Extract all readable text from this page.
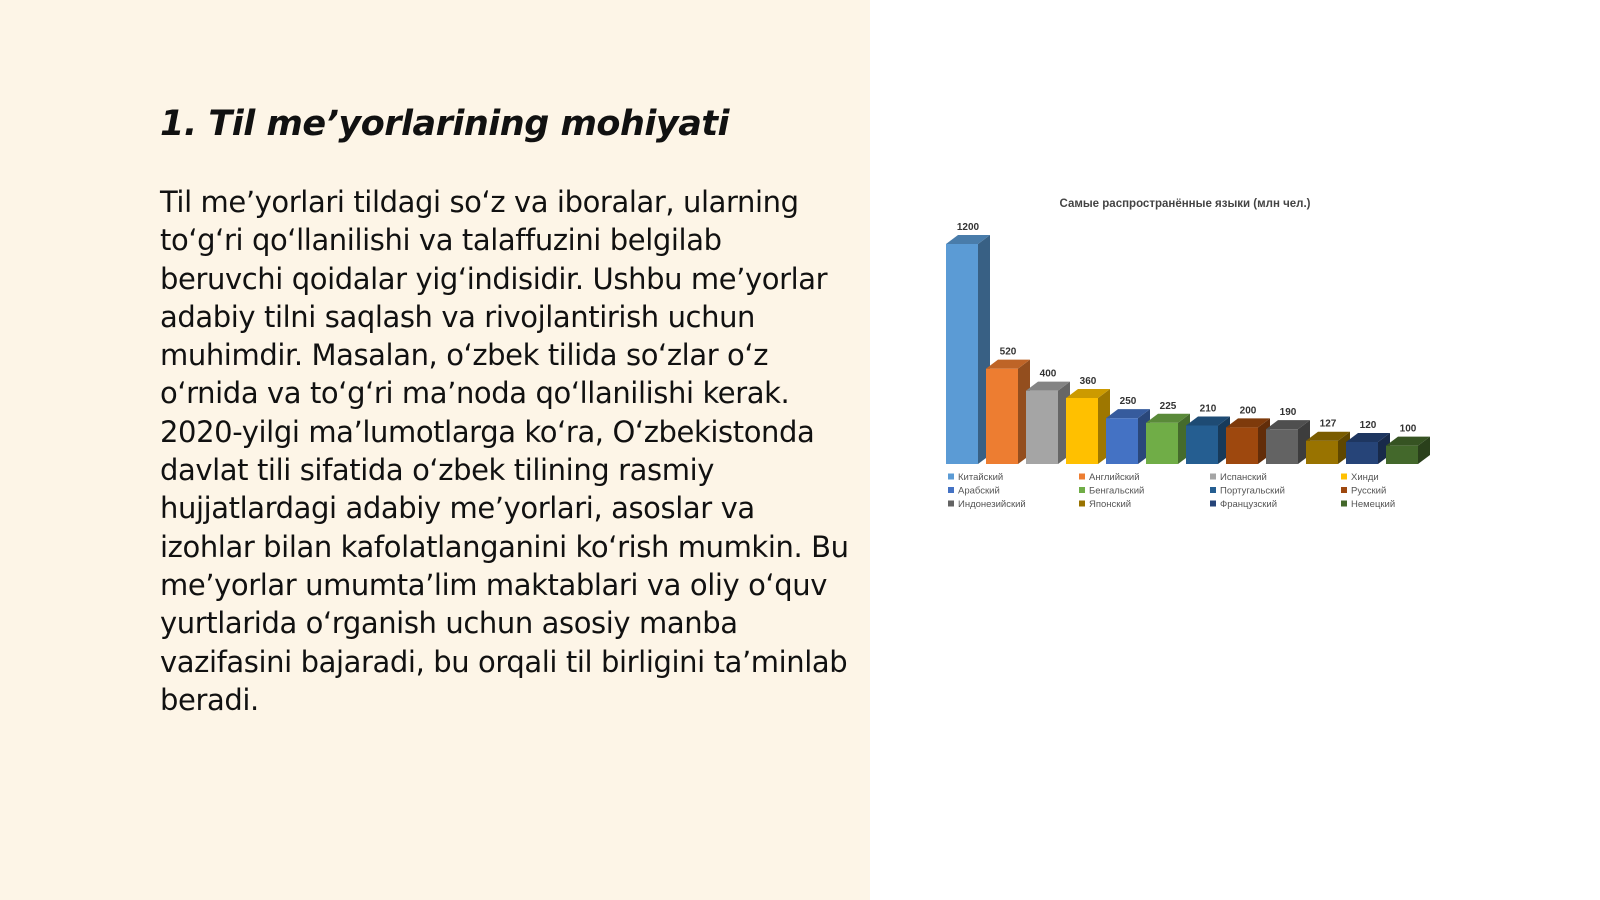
1. Til me’yorlarining mohiyati

Til me’yorlari tildagi so‘z va iboralar, ularning to‘g‘ri qo‘llanilishi va talaffuzini belgilab beruvchi qoidalar yig‘indisidir. Ushbu me’yorlar adabiy tilni saqlash va rivojlantirish uchun muhimdir. Masalan, o‘zbek tilida so‘zlar o‘z o‘rnida va to‘g‘ri ma’noda qo‘llanilishi kerak. 2020-yilgi ma’lumotlarga ko‘ra, O‘zbekistonda davlat tili sifatida o‘zbek tilining rasmiy hujjatlardagi adabiy me’yorlari, asoslar va izohlar bilan kafolatlanganini ko‘rish mumkin. Bu me’yorlar umumta’lim maktablari va oliy o‘quv yurtlarida o‘rganish uchun asosiy manba vazifasini bajaradi, bu orqali til birligini ta’minlab beradi.

Самые распространённые языки (млн чел.)
1200
520
400
360
250 225 210 200 190
127 120 100
Китайский	Английский	Испанский	Хинди
Арабский	Бенгальский	Португальский	Русский
Индонезийский	Японский	Французский	Немецкий
